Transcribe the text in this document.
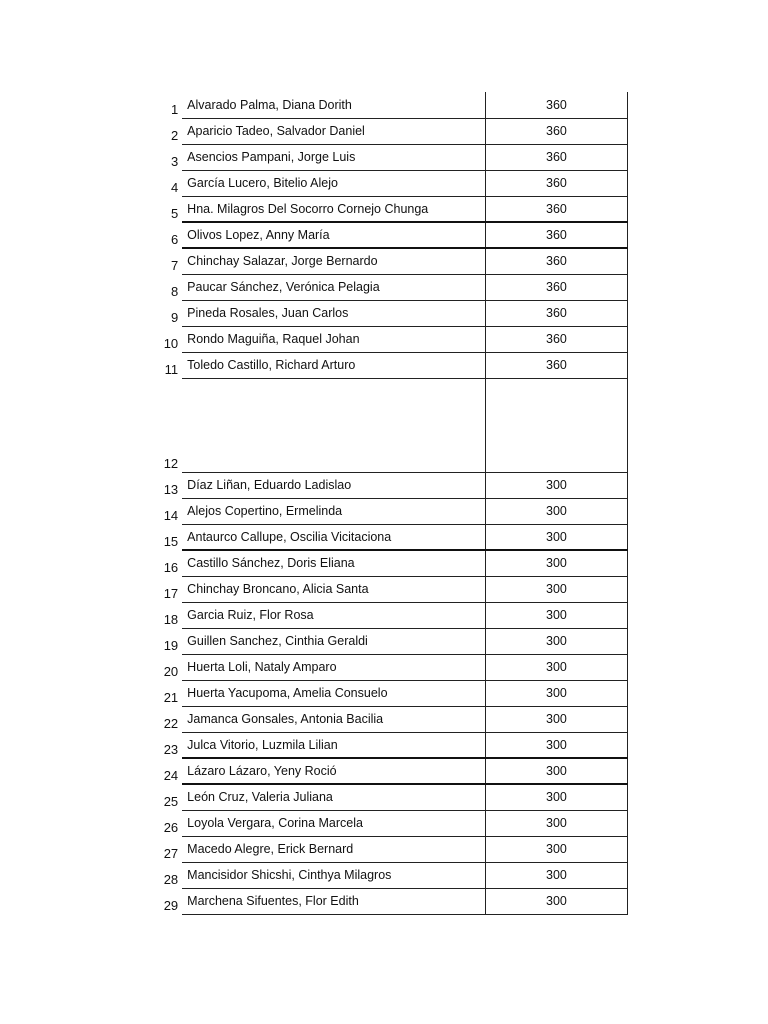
1	Alvarado Palma, Diana Dorith	360
2	Aparicio Tadeo, Salvador Daniel	360
3	Asencios Pampani, Jorge Luis	360
4	García Lucero, Bitelio Alejo	360
5	Hna. Milagros Del Socorro Cornejo Chunga	360
6	Olivos Lopez, Anny María	360
7	Chinchay Salazar, Jorge Bernardo	360
8	Paucar Sánchez, Verónica Pelagia	360
9	Pineda Rosales, Juan Carlos	360
10	Rondo Maguiña, Raquel Johan	360
11	Toledo Castillo, Richard Arturo	360
12		
13	Díaz Liñan, Eduardo Ladislao	300
14	Alejos Copertino, Ermelinda	300
15	Antaurco Callupe, Oscilia Vicitaciona	300
16	Castillo Sánchez, Doris Eliana	300
17	Chinchay Broncano, Alicia Santa	300
18	Garcia Ruiz, Flor Rosa	300
19	Guillen Sanchez, Cinthia Geraldi	300
20	Huerta Loli, Nataly Amparo	300
21	Huerta Yacupoma, Amelia Consuelo	300
22	Jamanca Gonsales, Antonia Bacilia	300
23	Julca Vitorio, Luzmila Lilian	300
24	Lázaro Lázaro, Yeny Roció	300
25	León Cruz, Valeria Juliana	300
26	Loyola Vergara, Corina Marcela	300
27	Macedo Alegre, Erick Bernard	300
28	Mancisidor Shicshi, Cinthya Milagros	300
29	Marchena Sifuentes, Flor Edith	300
